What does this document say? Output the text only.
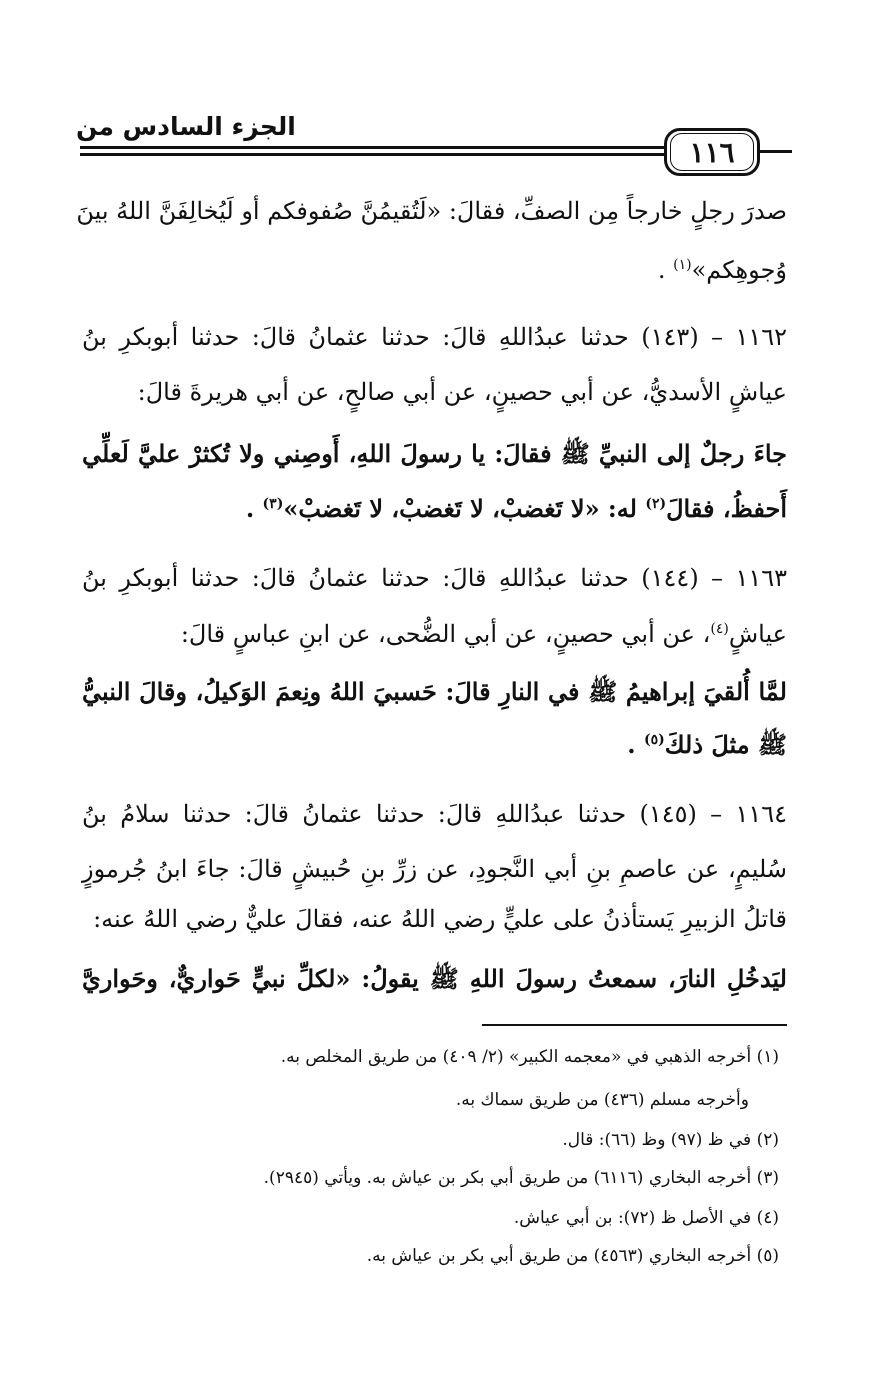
الجزء السادس من
١١٦
صدرَ رجلٍ خارجاً مِن الصفِّ، فقالَ: «لَتُقيمُنَّ صُفوفكم أو لَيُخالِفَنَّ اللهُ بينَ
وُجوهِكم»$^{(١)}$ .
١١٦٢ – (١٤٣) حدثنا عبدُاللهِ قالَ: حدثنا عثمانُ قالَ: حدثنا أبوبكرِ بنُ
عياشٍ الأسديُّ، عن أبي حصينٍ، عن أبي صالحٍ، عن أبي هريرةَ قالَ:
جاءَ رجلٌ إلى النبيِّ ﷺ فقالَ: يا رسولَ اللهِ، أَوصِني ولا تُكثرْ عليَّ لَعلِّي
أَحفظُ، فقالَ$^{(٢)}$ له: «لا تَغضبْ، لا تَغضبْ، لا تَغضبْ»$^{(٣)}$ .
١١٦٣ – (١٤٤) حدثنا عبدُاللهِ قالَ: حدثنا عثمانُ قالَ: حدثنا أبوبكرِ بنُ
عياشٍ$^{(٤)}$، عن أبي حصينٍ، عن أبي الضُّحى، عن ابنِ عباسٍ قالَ:
لمَّا أُلقيَ إبراهيمُ ﷺ في النارِ قالَ: حَسبيَ اللهُ ونِعمَ الوَكيلُ، وقالَ النبيُّ
ﷺ مثلَ ذلكَ$^{(٥)}$ .
١١٦٤ – (١٤٥) حدثنا عبدُاللهِ قالَ: حدثنا عثمانُ قالَ: حدثنا سلامُ بنُ
سُليمٍ، عن عاصمِ بنِ أبي النَّجودِ، عن زرِّ بنِ حُبيشٍ قالَ: جاءَ ابنُ جُرموزٍ
قاتلُ الزبيرِ يَستأذنُ على عليٍّ رضي اللهُ عنه، فقالَ عليٌّ رضي اللهُ عنه:
ليَدخُلِ النارَ، سمعتُ رسولَ اللهِ ﷺ يقولُ: «لكلِّ نبيٍّ حَواريٌّ، وحَواريَّ
(١) أخرجه الذهبي في «معجمه الكبير» (٢/ ٤٠٩) من طريق المخلص به.
وأخرجه مسلم (٤٣٦) من طريق سماك به.
(٢) في ظ (٩٧) وظ (٦٦): قال.
(٣) أخرجه البخاري (٦١١٦) من طريق أبي بكر بن عياش به. ويأتي (٢٩٤٥).
(٤) في الأصل ظ (٧٢): بن أبي عياش.
(٥) أخرجه البخاري (٤٥٦٣) من طريق أبي بكر بن عياش به.
